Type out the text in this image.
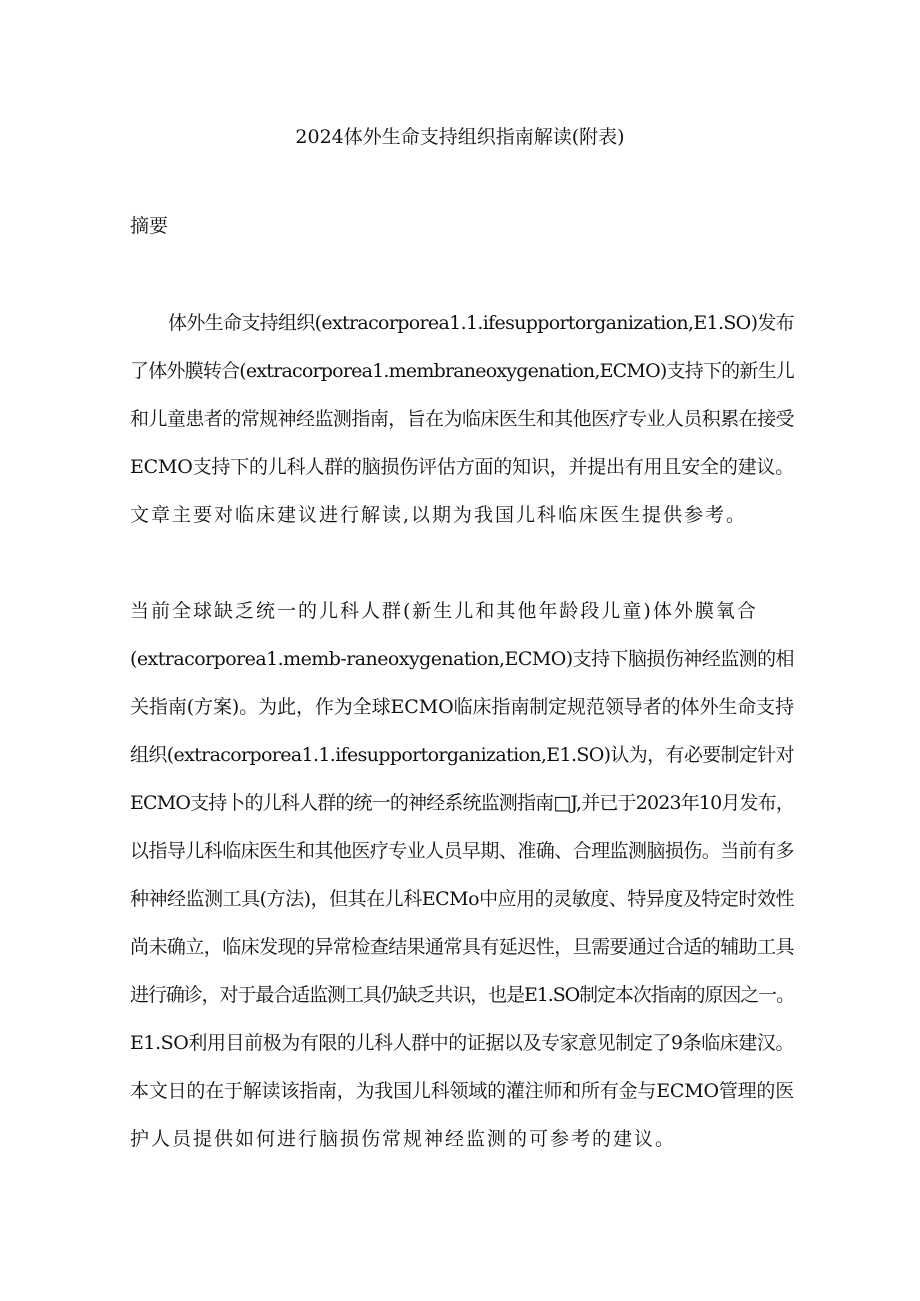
2024体外生命支持组织指南解读(附表)
摘要
体外生命支持组织(extracorporea1.1.ifesupportorganization,E1.SO)发布
了体外膜转合(extracorporea1.membraneoxygenation,ECMO)支持下的新生儿
和儿童患者的常规神经监测指南，旨在为临床医生和其他医疗专业人员积累在接受
ECMO支持下的儿科人群的脑损伤评估方面的知识，并提出有用且安全的建议。
文章主要对临床建议进行解读,以期为我国儿科临床医生提供参考。
当前全球缺乏统一的儿科人群(新生儿和其他年龄段儿童)体外膜氧合
(extracorporea1.memb-raneoxygenation,ECMO)支持下脑损伤神经监测的相
关指南(方案)。为此，作为全球ECMO临床指南制定规范领导者的体外生命支持
组织(extracorporea1.1.ifesupportorganization,E1.SO)认为，有必要制定针对
ECMO支持卜的儿科人群的统一的神经系统监测指南□J,并已于2023年10月发布，
以指导儿科临床医生和其他医疗专业人员早期、准确、合理监测脑损伤。当前有多
种神经监测工具(方法)，但其在儿科ECMo中应用的灵敏度、特异度及特定时效性
尚未确立，临床发现的异常检查结果通常具有延迟性，旦需要通过合适的辅助工具
进行确诊，对于最合适监测工具仍缺乏共识，也是E1.SO制定本次指南的原因之一。
E1.SO利用目前极为有限的儿科人群中的证据以及专家意见制定了9条临床建汉。
本文日的在于解读该指南，为我国儿科领域的灌注师和所有金与ECMO管理的医
护人员提供如何进行脑损伤常规神经监测的可参考的建议。
